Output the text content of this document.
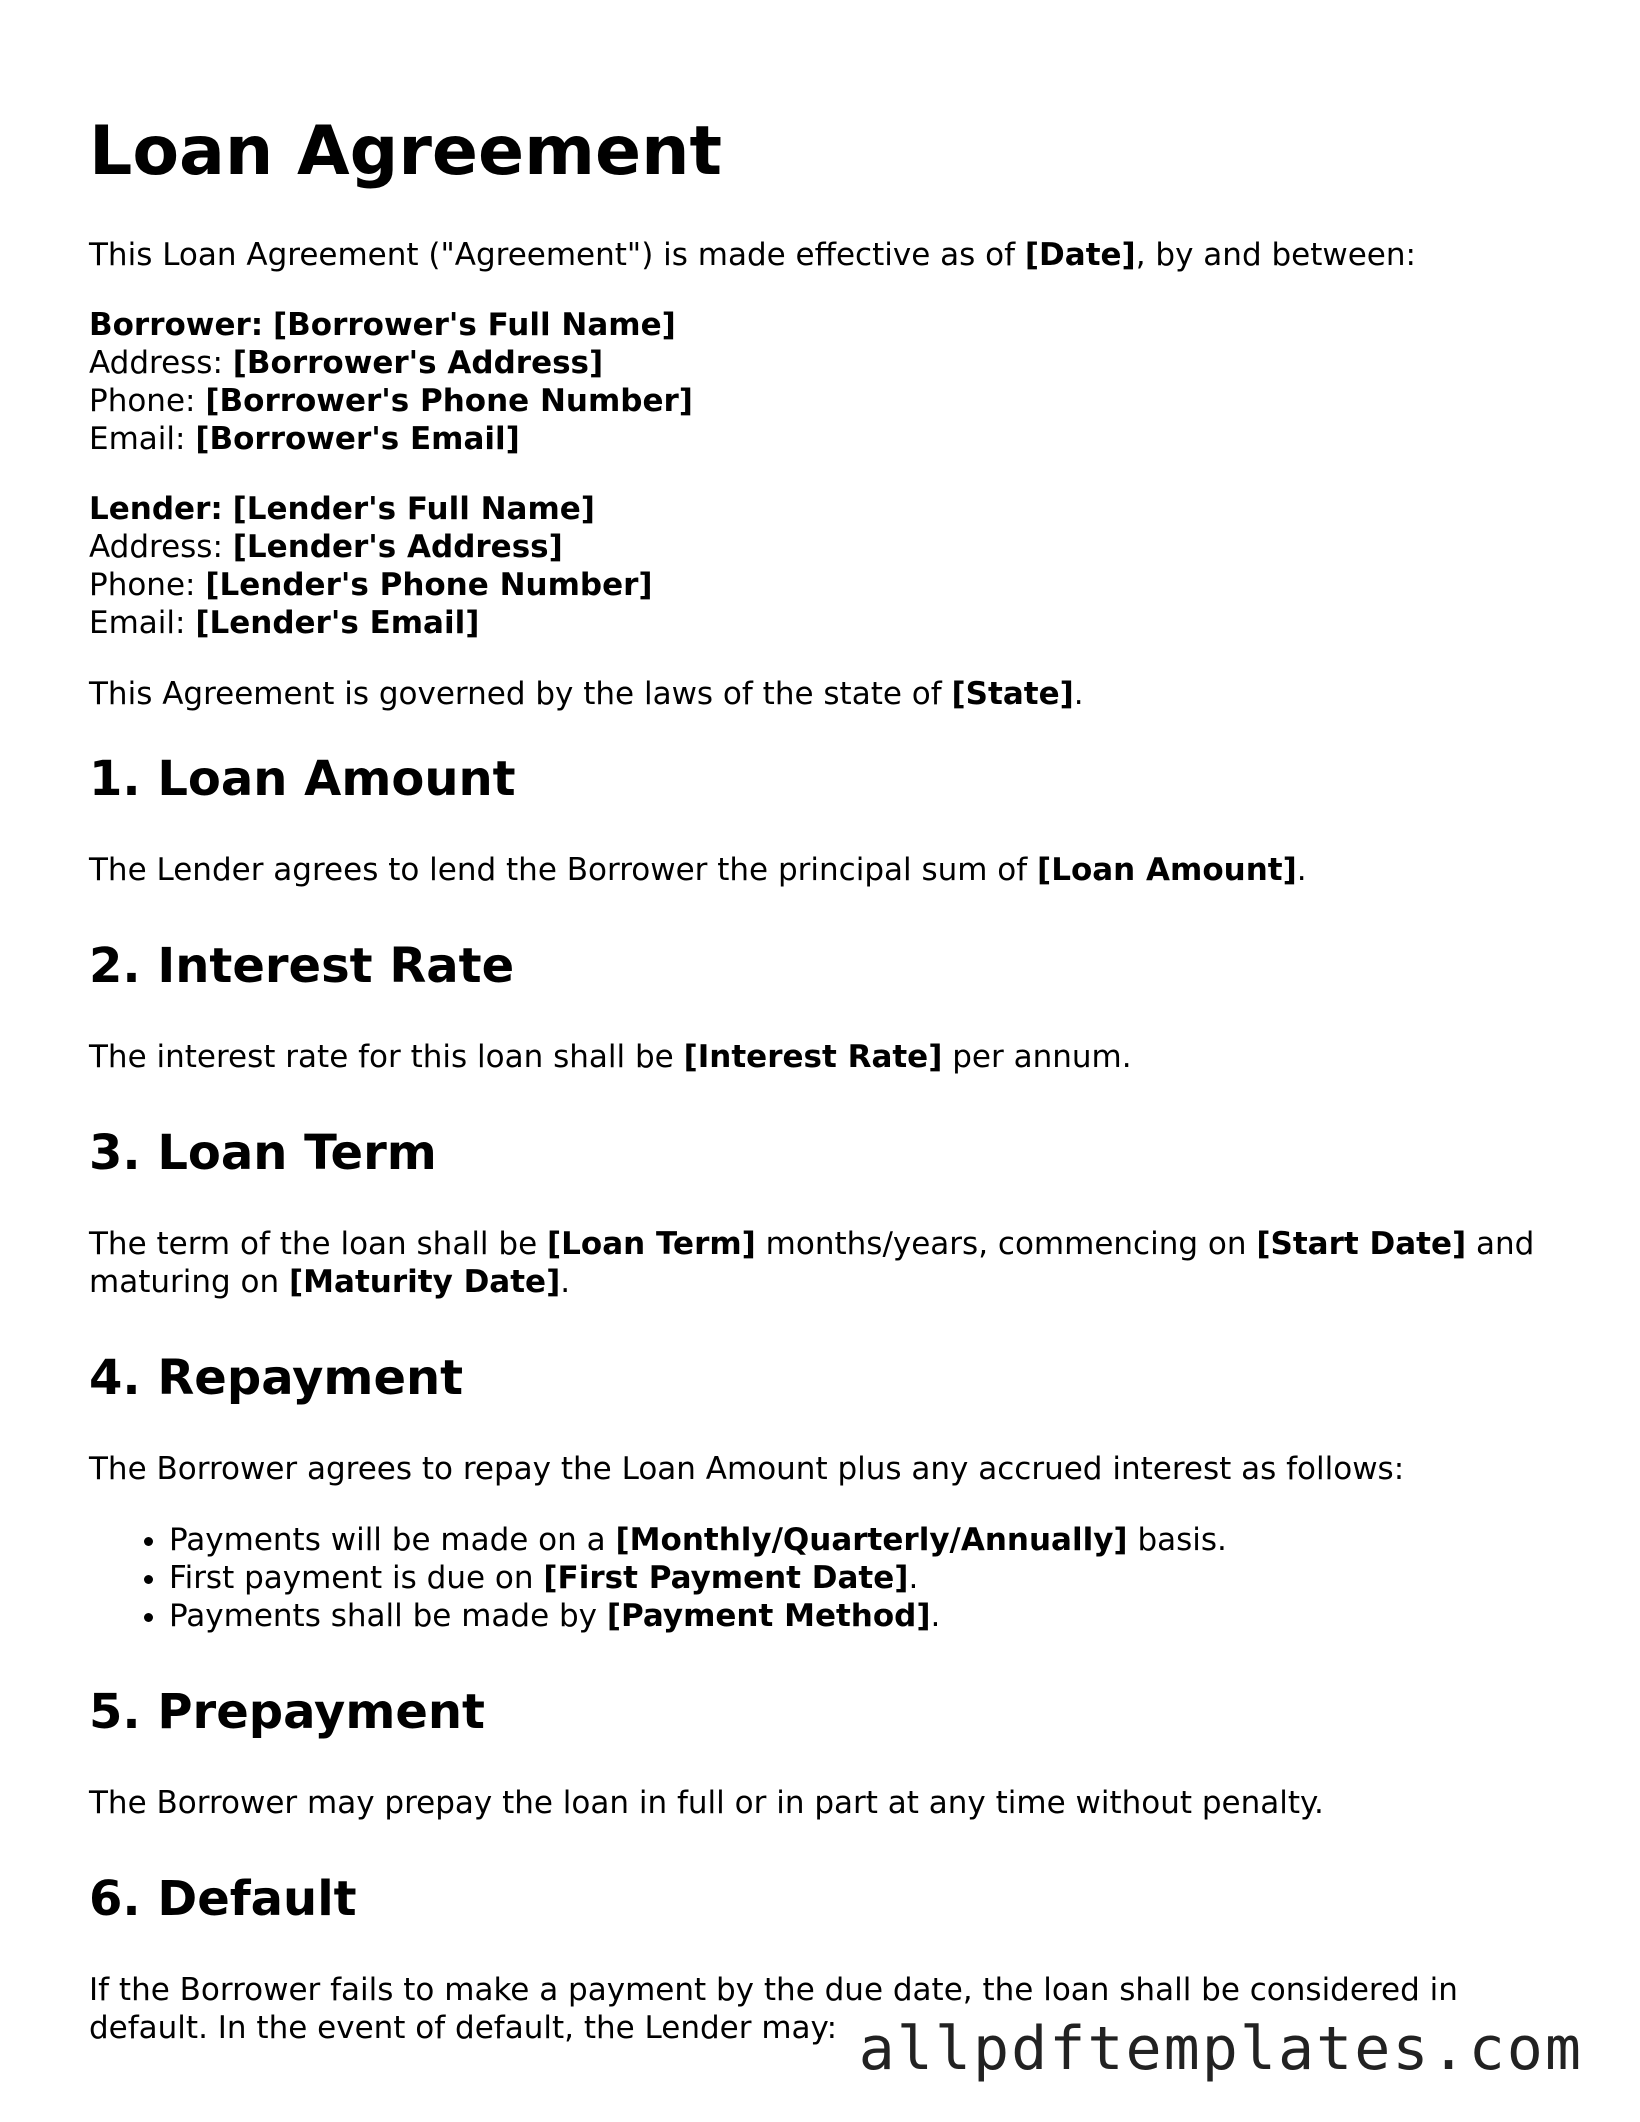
Loan Agreement

This Loan Agreement ("Agreement") is made effective as of [Date], by and between:

Borrower: [Borrower's Full Name]

Address: [Borrower's Address]

Phone: [Borrower's Phone Number]

Email: [Borrower's Email]

Lender: [Lender's Full Name]

Address: [Lender's Address]

Phone: [Lender's Phone Number]

Email: [Lender's Email]

This Agreement is governed by the laws of the state of [State].

1. Loan Amount

The Lender agrees to lend the Borrower the principal sum of [Loan Amount].

2. Interest Rate

The interest rate for this loan shall be [Interest Rate] per annum.

3. Loan Term

The term of the loan shall be [Loan Term] months/years, commencing on [Start Date] and maturing on [Maturity Date].

4. Repayment

The Borrower agrees to repay the Loan Amount plus any accrued interest as follows:

• Payments will be made on a [Monthly/Quarterly/Annually] basis.
• First payment is due on [First Payment Date].
• Payments shall be made by [Payment Method].
5. Prepayment

The Borrower may prepay the loan in full or in part at any time without penalty.

6. Default

If the Borrower fails to make a payment by the due date, the loan shall be considered in default. In the event of default, the Lender may: allpdftemplates.com
